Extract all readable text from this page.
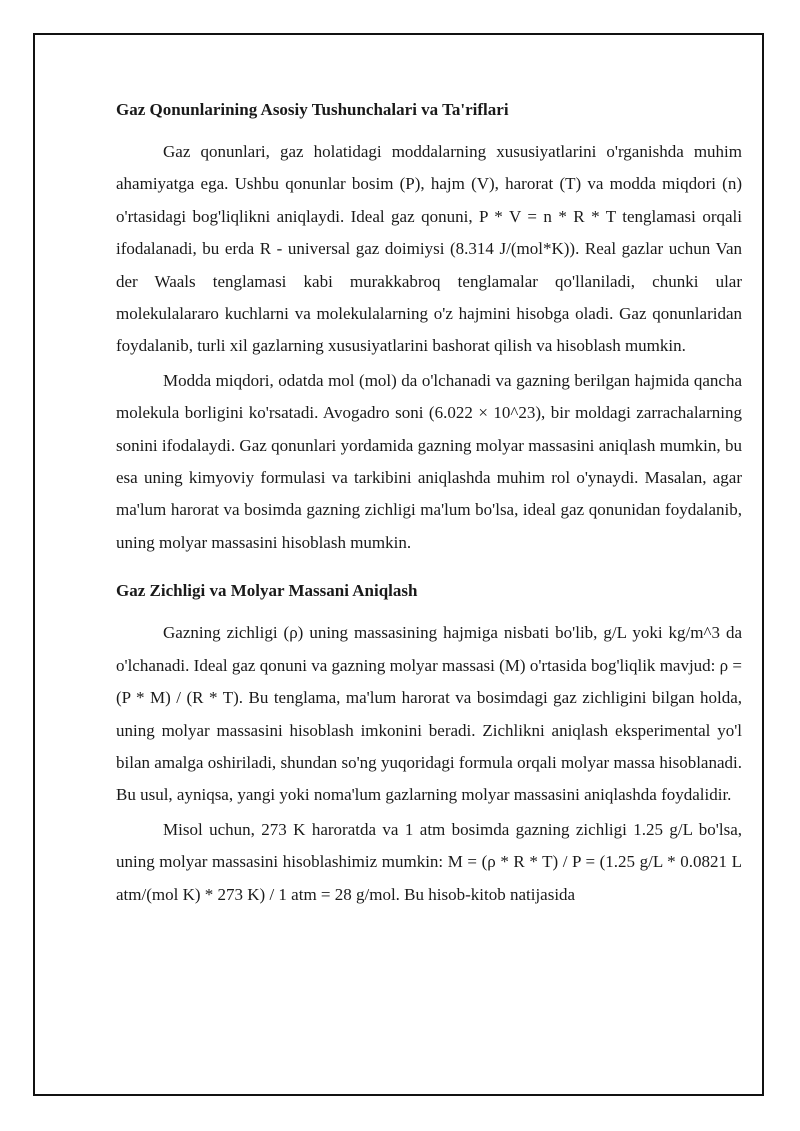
Gaz Qonunlarining Asosiy Tushunchalari va Ta'riflari

Gaz qonunlari, gaz holatidagi moddalarning xususiyatlarini o'rganishda muhim ahamiyatga ega. Ushbu qonunlar bosim (P), hajm (V), harorat (T) va modda miqdori (n) o'rtasidagi bog'liqlikni aniqlaydi. Ideal gaz qonuni, P * V = n * R * T tenglamasi orqali ifodalanadi, bu erda R - universal gaz doimiysi (8.314 J/(mol*K)). Real gazlar uchun Van der Waals tenglamasi kabi murakkabroq tenglamalar qo'llaniladi, chunki ular molekulalararo kuchlarni va molekulalarning o'z hajmini hisobga oladi. Gaz qonunlaridan foydalanib, turli xil gazlarning xususiyatlarini bashorat qilish va hisoblash mumkin.

Modda miqdori, odatda mol (mol) da o'lchanadi va gazning berilgan hajmida qancha molekula borligini ko'rsatadi. Avogadro soni (6.022 × 10^23), bir moldagi zarrachalarning sonini ifodalaydi. Gaz qonunlari yordamida gazning molyar massasini aniqlash mumkin, bu esa uning kimyoviy formulasi va tarkibini aniqlashda muhim rol o'ynaydi. Masalan, agar ma'lum harorat va bosimda gazning zichligi ma'lum bo'lsa, ideal gaz qonunidan foydalanib, uning molyar massasini hisoblash mumkin.

Gaz Zichligi va Molyar Massani Aniqlash

Gazning zichligi (ρ) uning massasining hajmiga nisbati bo'lib, g/L yoki kg/m^3 da o'lchanadi. Ideal gaz qonuni va gazning molyar massasi (M) o'rtasida bog'liqlik mavjud: ρ = (P * M) / (R * T). Bu tenglama, ma'lum harorat va bosimdagi gaz zichligini bilgan holda, uning molyar massasini hisoblash imkonini beradi. Zichlikni aniqlash eksperimental yo'l bilan amalga oshiriladi, shundan so'ng yuqoridagi formula orqali molyar massa hisoblanadi. Bu usul, ayniqsa, yangi yoki noma'lum gazlarning molyar massasini aniqlashda foydalidir.

Misol uchun, 273 K haroratda va 1 atm bosimda gazning zichligi 1.25 g/L bo'lsa, uning molyar massasini hisoblashimiz mumkin: M = (ρ * R * T) / P = (1.25 g/L * 0.0821 L atm/(mol K) * 273 K) / 1 atm = 28 g/mol. Bu hisob-kitob natijasida
